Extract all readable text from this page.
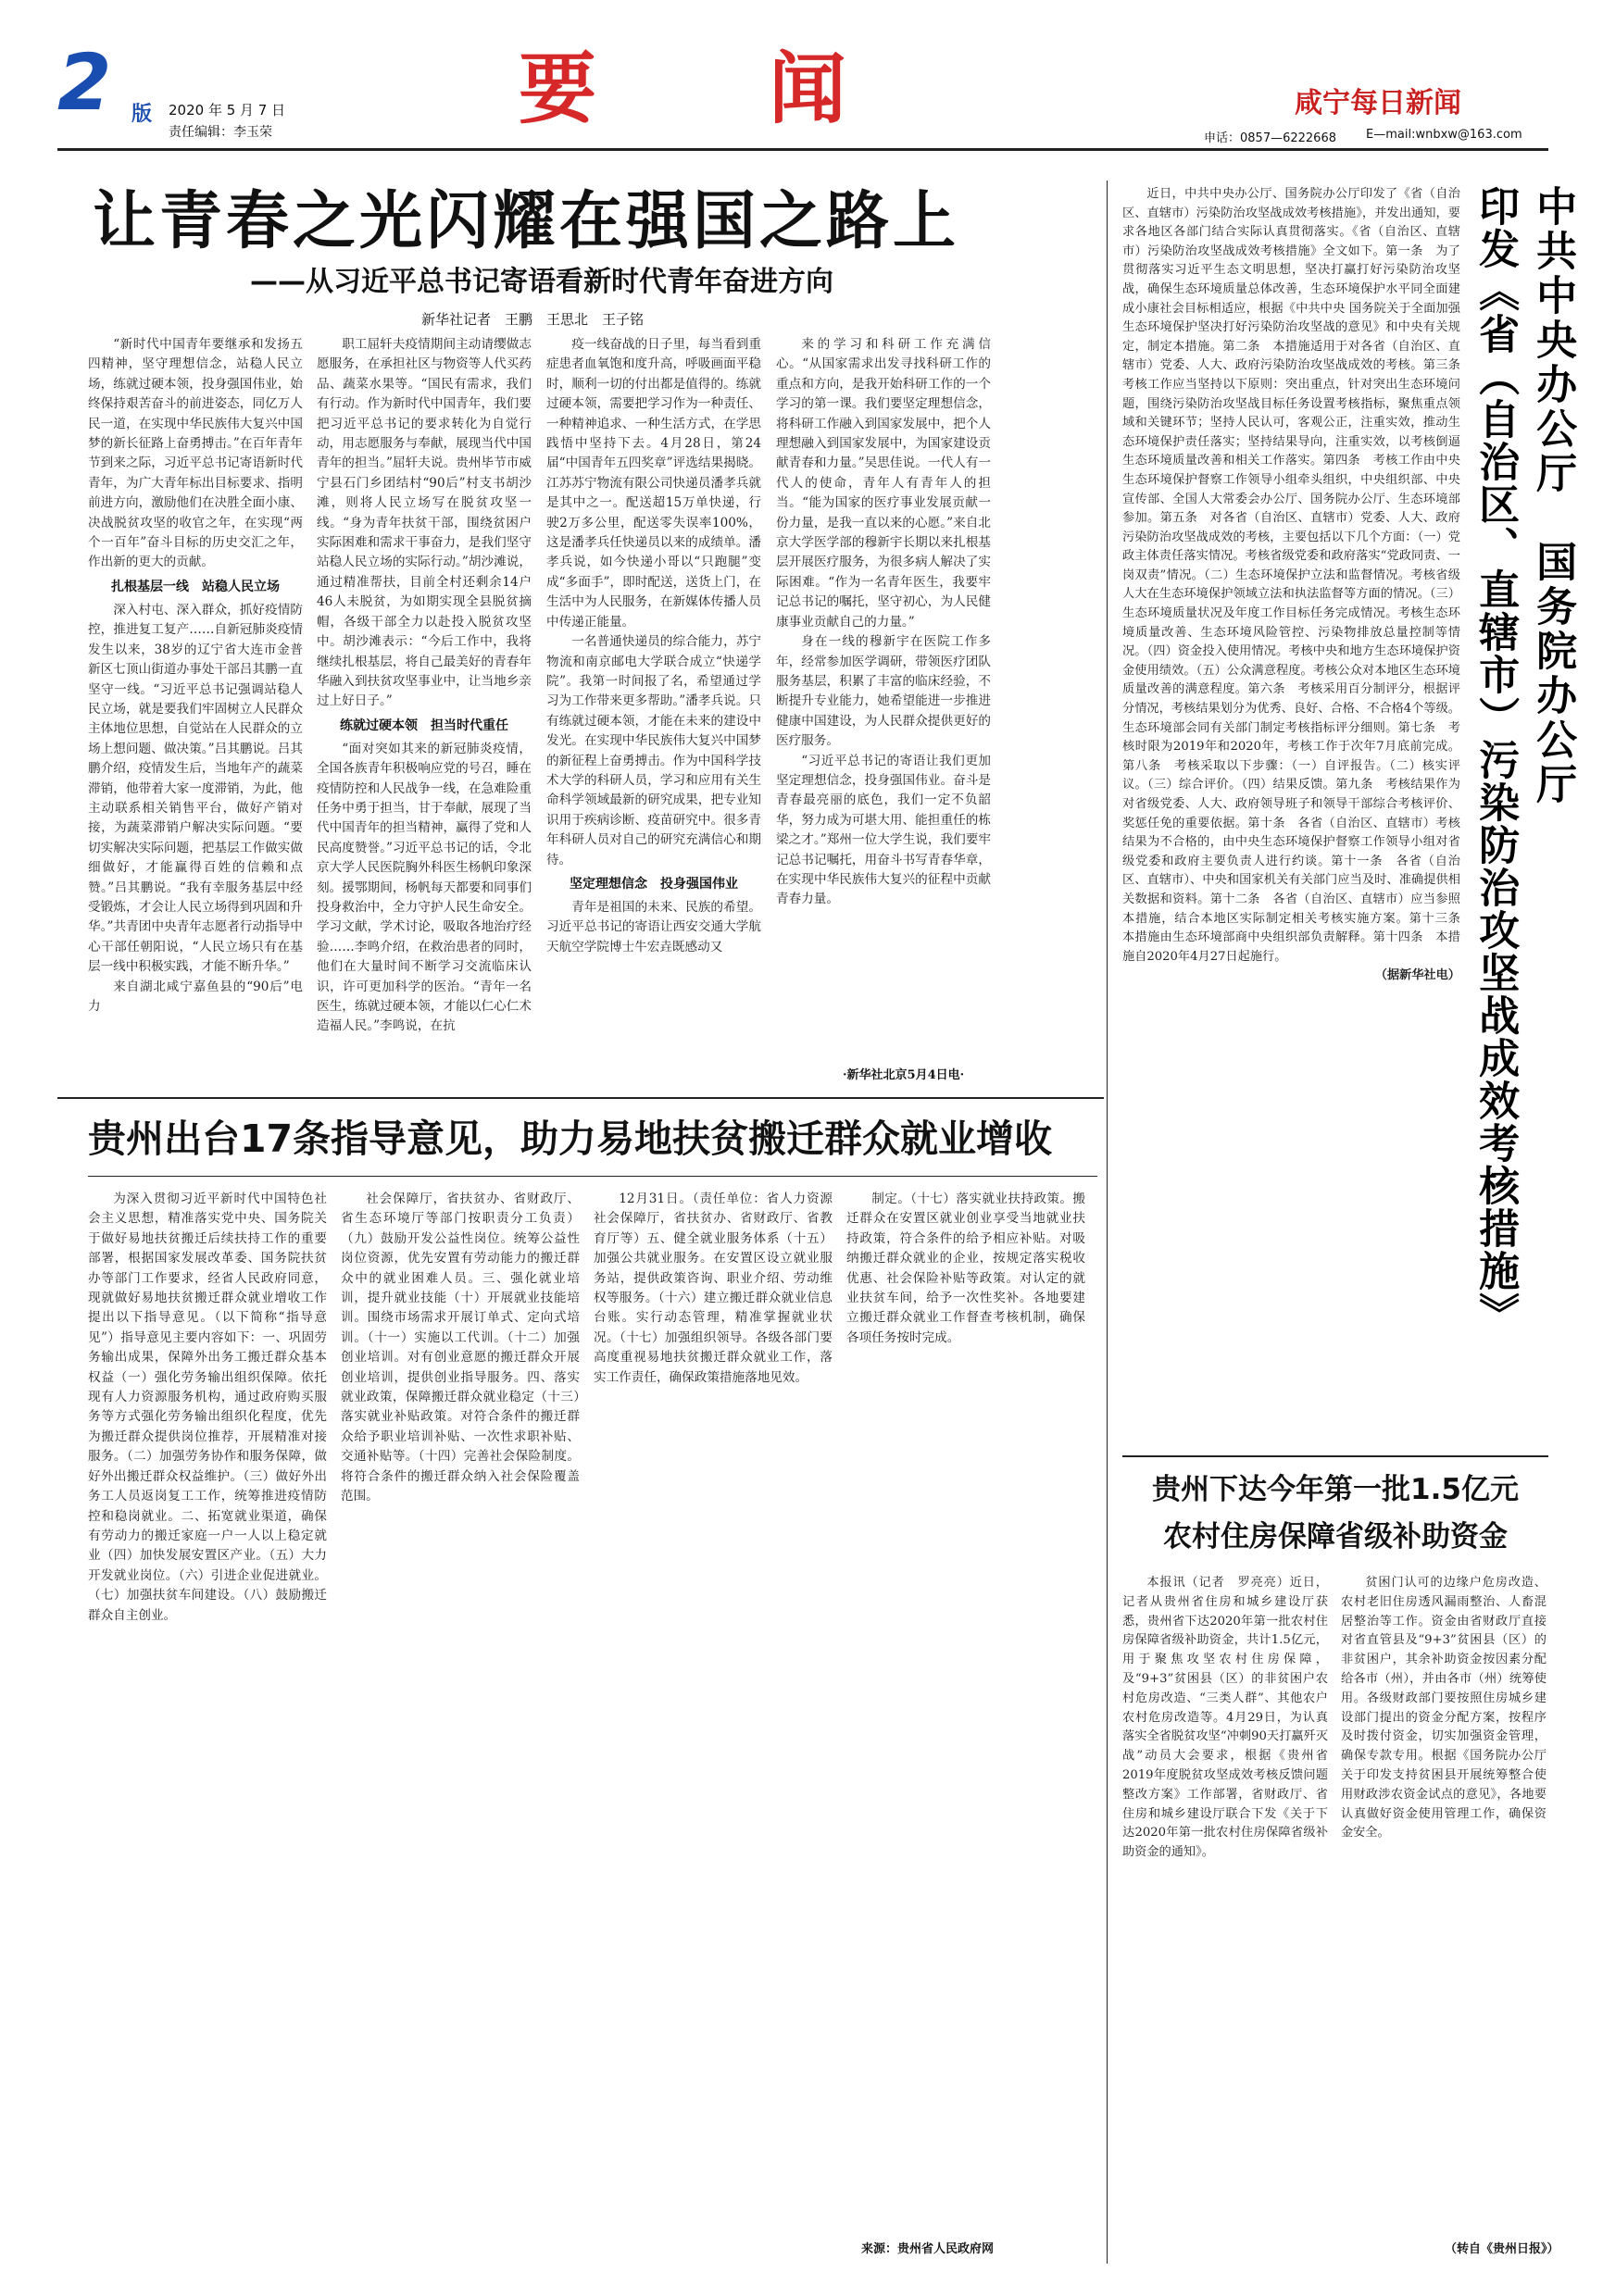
2 版 2020 年 5 月 7 日
责任编辑：李玉荣	要　　闻	咸宁每日新闻
申话：0857—6222668 E—mail:wnbxw@163.com
让青春之光闪耀在强国之路上
——从习近平总书记寄语看新时代青年奋进方向
新华社记者　王鹏　王思北　王子铭

“新时代中国青年要继承和发扬五四精神，坚守理想信念，站稳人民立场，练就过硬本领，投身强国伟业，始终保持艰苦奋斗的前进姿态，同亿万人民一道，在实现中华民族伟大复兴中国梦的新长征路上奋勇搏击。”在百年青年节到来之际，习近平总书记寄语新时代青年，为广大青年标出目标要求、指明前进方向，激励他们在决胜全面小康、决战脱贫攻坚的收官之年，在实现“两个一百年”奋斗目标的历史交汇之年，作出新的更大的贡献。

扎根基层一线　站稳人民立场

深入村屯、深入群众，抓好疫情防控，推进复工复产……自新冠肺炎疫情发生以来，38岁的辽宁省大连市金普新区七顶山街道办事处干部吕其鹏一直坚守一线。“习近平总书记强调站稳人民立场，就是要我们牢固树立人民群众主体地位思想，自觉站在人民群众的立场上想问题、做决策。”吕其鹏说。吕其鹏介绍，疫情发生后，当地年产的蔬菜滞销，他带着大家一度滞销，为此，他主动联系相关销售平台，做好产销对接，为蔬菜滞销户解决实际问题。“要切实解决实际问题，把基层工作做实做细做好，才能赢得百姓的信赖和点赞。”吕其鹏说。“我有幸服务基层中经受锻炼，才会让人民立场得到巩固和升华。”共青团中央青年志愿者行动指导中心干部任朝阳说，“人民立场只有在基层一线中积极实践，才能不断升华。”

来自湖北咸宁嘉鱼县的“90后”电力

职工屈轩夫疫情期间主动请缨做志愿服务，在承担社区与物资等人代买药品、蔬菜水果等。“国民有需求，我们有行动。作为新时代中国青年，我们要把习近平总书记的要求转化为自觉行动，用志愿服务与奉献，展现当代中国青年的担当。”屈轩夫说。贵州毕节市威宁县石门乡团结村“90后”村支书胡沙滩，则将人民立场写在脱贫攻坚一线。“身为青年扶贫干部，围绕贫困户实际困难和需求干事奋力，是我们坚守站稳人民立场的实际行动。”胡沙滩说，通过精准帮扶，目前全村还剩余14户46人未脱贫，为如期实现全县脱贫摘帽，各级干部全力以赴投入脱贫攻坚中。胡沙滩表示：“今后工作中，我将继续扎根基层，将自己最美好的青春年华融入到扶贫攻坚事业中，让当地乡亲过上好日子。”

练就过硬本领　担当时代重任

“面对突如其来的新冠肺炎疫情，全国各族青年积极响应党的号召，睡在疫情防控和人民战争一线，在急难险重任务中勇于担当，甘于奉献，展现了当代中国青年的担当精神，赢得了党和人民高度赞誉。”习近平总书记的话，令北京大学人民医院胸外科医生杨帆印象深刻。援鄂期间，杨帆每天都要和同事们投身救治中，全力守护人民生命安全。学习文献，学术讨论，吸取各地治疗经验……李鸣介绍，在救治患者的同时，他们在大量时间不断学习交流临床认识，许可更加科学的医治。“青年一名医生，练就过硬本领，才能以仁心仁术造福人民。”李鸣说，在抗

疫一线奋战的日子里，每当看到重症患者血氧饱和度升高，呼吸画面平稳时，顺利一切的付出都是值得的。练就过硬本领，需要把学习作为一种责任、一种精神追求、一种生活方式，在学思践悟中坚持下去。4月28日，第24届“中国青年五四奖章”评选结果揭晓。江苏苏宁物流有限公司快递员潘孝兵就是其中之一。配送超15万单快递，行驶2万多公里，配送零失误率100%，这是潘孝兵任快递员以来的成绩单。潘孝兵说，如今快递小哥以“只跑腿”变成“多面手”，即时配送，送货上门，在生活中为人民服务，在新媒体传播人员中传递正能量。

一名普通快递员的综合能力，苏宁物流和南京邮电大学联合成立“快递学院”。我第一时间报了名，希望通过学习为工作带来更多帮助。”潘孝兵说。只有练就过硬本领，才能在未来的建设中发光。在实现中华民族伟大复兴中国梦的新征程上奋勇搏击。作为中国科学技术大学的科研人员，学习和应用有关生命科学领域最新的研究成果，把专业知识用于疾病诊断、疫苗研究中。很多青年科研人员对自己的研究充满信心和期待。

坚定理想信念　投身强国伟业

青年是祖国的未来、民族的希望。习近平总书记的寄语让西安交通大学航天航空学院博士牛宏垚既感动又

来的学习和科研工作充满信心。“从国家需求出发寻找科研工作的重点和方向，是我开始科研工作的一个学习的第一课。我们要坚定理想信念，将科研工作融入到国家发展中，把个人理想融入到国家发展中，为国家建设贡献青春和力量。”吴思佳说。一代人有一代人的使命，青年人有青年人的担当。“能为国家的医疗事业发展贡献一份力量，是我一直以来的心愿。”来自北京大学医学部的穆新宇长期以来扎根基层开展医疗服务，为很多病人解决了实际困难。“作为一名青年医生，我要牢记总书记的嘱托，坚守初心，为人民健康事业贡献自己的力量。”

身在一线的穆新宇在医院工作多年，经常参加医学调研，带领医疗团队服务基层，积累了丰富的临床经验，不断提升专业能力，她希望能进一步推进健康中国建设，为人民群众提供更好的医疗服务。

“习近平总书记的寄语让我们更加坚定理想信念，投身强国伟业。奋斗是青春最亮丽的底色，我们一定不负韶华，努力成为可堪大用、能担重任的栋梁之才。”郑州一位大学生说，我们要牢记总书记嘱托，用奋斗书写青春华章，在实现中华民族伟大复兴的征程中贡献青春力量。

·新华社北京5月4日电·

近日，中共中央办公厅、国务院办公厅印发了《省（自治区、直辖市）污染防治攻坚战成效考核措施》，并发出通知，要求各地区各部门结合实际认真贯彻落实。《省（自治区、直辖市）污染防治攻坚战成效考核措施》全文如下。第一条　为了贯彻落实习近平生态文明思想，坚决打赢打好污染防治攻坚战，确保生态环境质量总体改善，生态环境保护水平同全面建成小康社会目标相适应，根据《中共中央 国务院关于全面加强生态环境保护坚决打好污染防治攻坚战的意见》和中央有关规定，制定本措施。第二条　本措施适用于对各省（自治区、直辖市）党委、人大、政府污染防治攻坚战成效的考核。第三条　考核工作应当坚持以下原则：突出重点，针对突出生态环境问题，围绕污染防治攻坚战目标任务设置考核指标，聚焦重点领域和关键环节；坚持人民认可，客观公正，注重实效，推动生态环境保护责任落实；坚持结果导向，注重实效，以考核倒逼生态环境质量改善和相关工作落实。第四条　考核工作由中央生态环境保护督察工作领导小组牵头组织，中央组织部、中央宣传部、全国人大常委会办公厅、国务院办公厅、生态环境部参加。第五条　对各省（自治区、直辖市）党委、人大、政府污染防治攻坚战成效的考核，主要包括以下几个方面：（一）党政主体责任落实情况。考核省级党委和政府落实“党政同责、一岗双责”情况。（二）生态环境保护立法和监督情况。考核省级人大在生态环境保护领域立法和执法监督等方面的情况。（三）生态环境质量状况及年度工作目标任务完成情况。考核生态环境质量改善、生态环境风险管控、污染物排放总量控制等情况。（四）资金投入使用情况。考核中央和地方生态环境保护资金使用绩效。（五）公众满意程度。考核公众对本地区生态环境质量改善的满意程度。第六条　考核采用百分制评分，根据评分情况，考核结果划分为优秀、良好、合格、不合格4个等级。生态环境部会同有关部门制定考核指标评分细则。第七条　考核时限为2019年和2020年，考核工作于次年7月底前完成。第八条　考核采取以下步骤：（一）自评报告。（二）核实评议。（三）综合评价。（四）结果反馈。第九条　考核结果作为对省级党委、人大、政府领导班子和领导干部综合考核评价、奖惩任免的重要依据。第十条　各省（自治区、直辖市）考核结果为不合格的，由中央生态环境保护督察工作领导小组对省级党委和政府主要负责人进行约谈。第十一条　各省（自治区、直辖市）、中央和国家机关有关部门应当及时、准确提供相关数据和资料。第十二条　各省（自治区、直辖市）应当参照本措施，结合本地区实际制定相关考核实施方案。第十三条　本措施由生态环境部商中央组织部负责解释。第十四条　本措施自2020年4月27日起施行。

（据新华社电）

中共中央办公厅　国务院办公厅
印发《省（自治区、直辖市）污染防治攻坚战成效考核措施》
贵州出台17条指导意见，助力易地扶贫搬迁群众就业增收

为深入贯彻习近平新时代中国特色社会主义思想，精准落实党中央、国务院关于做好易地扶贫搬迁后续扶持工作的重要部署，根据国家发展改革委、国务院扶贫办等部门工作要求，经省人民政府同意，现就做好易地扶贫搬迁群众就业增收工作提出以下指导意见。（以下简称“指导意见”）指导意见主要内容如下：一、巩固劳务输出成果，保障外出务工搬迁群众基本权益（一）强化劳务输出组织保障。依托现有人力资源服务机构，通过政府购买服务等方式强化劳务输出组织化程度，优先为搬迁群众提供岗位推荐，开展精准对接服务。（二）加强劳务协作和服务保障，做好外出搬迁群众权益维护。（三）做好外出务工人员返岗复工工作，统筹推进疫情防控和稳岗就业。二、拓宽就业渠道，确保有劳动力的搬迁家庭一户一人以上稳定就业（四）加快发展安置区产业。（五）大力开发就业岗位。（六）引进企业促进就业。（七）加强扶贫车间建设。（八）鼓励搬迁群众自主创业。

社会保障厅，省扶贫办、省财政厅、省生态环境厅等部门按职责分工负责）（九）鼓励开发公益性岗位。统筹公益性岗位资源，优先安置有劳动能力的搬迁群众中的就业困难人员。三、强化就业培训，提升就业技能（十）开展就业技能培训。围绕市场需求开展订单式、定向式培训。（十一）实施以工代训。（十二）加强创业培训。对有创业意愿的搬迁群众开展创业培训，提供创业指导服务。四、落实就业政策，保障搬迁群众就业稳定（十三）落实就业补贴政策。对符合条件的搬迁群众给予职业培训补贴、一次性求职补贴、交通补贴等。（十四）完善社会保险制度。将符合条件的搬迁群众纳入社会保险覆盖范围。

12月31日。（责任单位：省人力资源社会保障厅，省扶贫办、省财政厅、省教育厅等）五、健全就业服务体系（十五）加强公共就业服务。在安置区设立就业服务站，提供政策咨询、职业介绍、劳动维权等服务。（十六）建立搬迁群众就业信息台账。实行动态管理，精准掌握就业状况。（十七）加强组织领导。各级各部门要高度重视易地扶贫搬迁群众就业工作，落实工作责任，确保政策措施落地见效。

制定。（十七）落实就业扶持政策。搬迁群众在安置区就业创业享受当地就业扶持政策，符合条件的给予相应补贴。对吸纳搬迁群众就业的企业，按规定落实税收优惠、社会保险补贴等政策。对认定的就业扶贫车间，给予一次性奖补。各地要建立搬迁群众就业工作督查考核机制，确保各项任务按时完成。

来源：贵州省人民政府网
贵州下达今年第一批1.5亿元
农村住房保障省级补助资金

本报讯（记者　罗亮亮）近日，记者从贵州省住房和城乡建设厅获悉，贵州省下达2020年第一批农村住房保障省级补助资金，共计1.5亿元，用于聚焦攻坚农村住房保障，及“9+3”贫困县（区）的非贫困户农村危房改造、“三类人群”、其他农户农村危房改造等。4月29日，为认真落实全省脱贫攻坚“冲刺90天打赢歼灭战”动员大会要求，根据《贵州省2019年度脱贫攻坚成效考核反馈问题整改方案》工作部署，省财政厅、省住房和城乡建设厅联合下发《关于下达2020年第一批农村住房保障省级补助资金的通知》。

贫困门认可的边缘户危房改造、农村老旧住房透风漏雨整治、人畜混居整治等工作。资金由省财政厅直接对省直管县及“9+3”贫困县（区）的非贫困户，其余补助资金按因素分配给各市（州），并由各市（州）统筹使用。各级财政部门要按照住房城乡建设部门提出的资金分配方案，按程序及时拨付资金，切实加强资金管理，确保专款专用。根据《国务院办公厅关于印发支持贫困县开展统筹整合使用财政涉农资金试点的意见》，各地要认真做好资金使用管理工作，确保资金安全。

（转自《贵州日报》）
